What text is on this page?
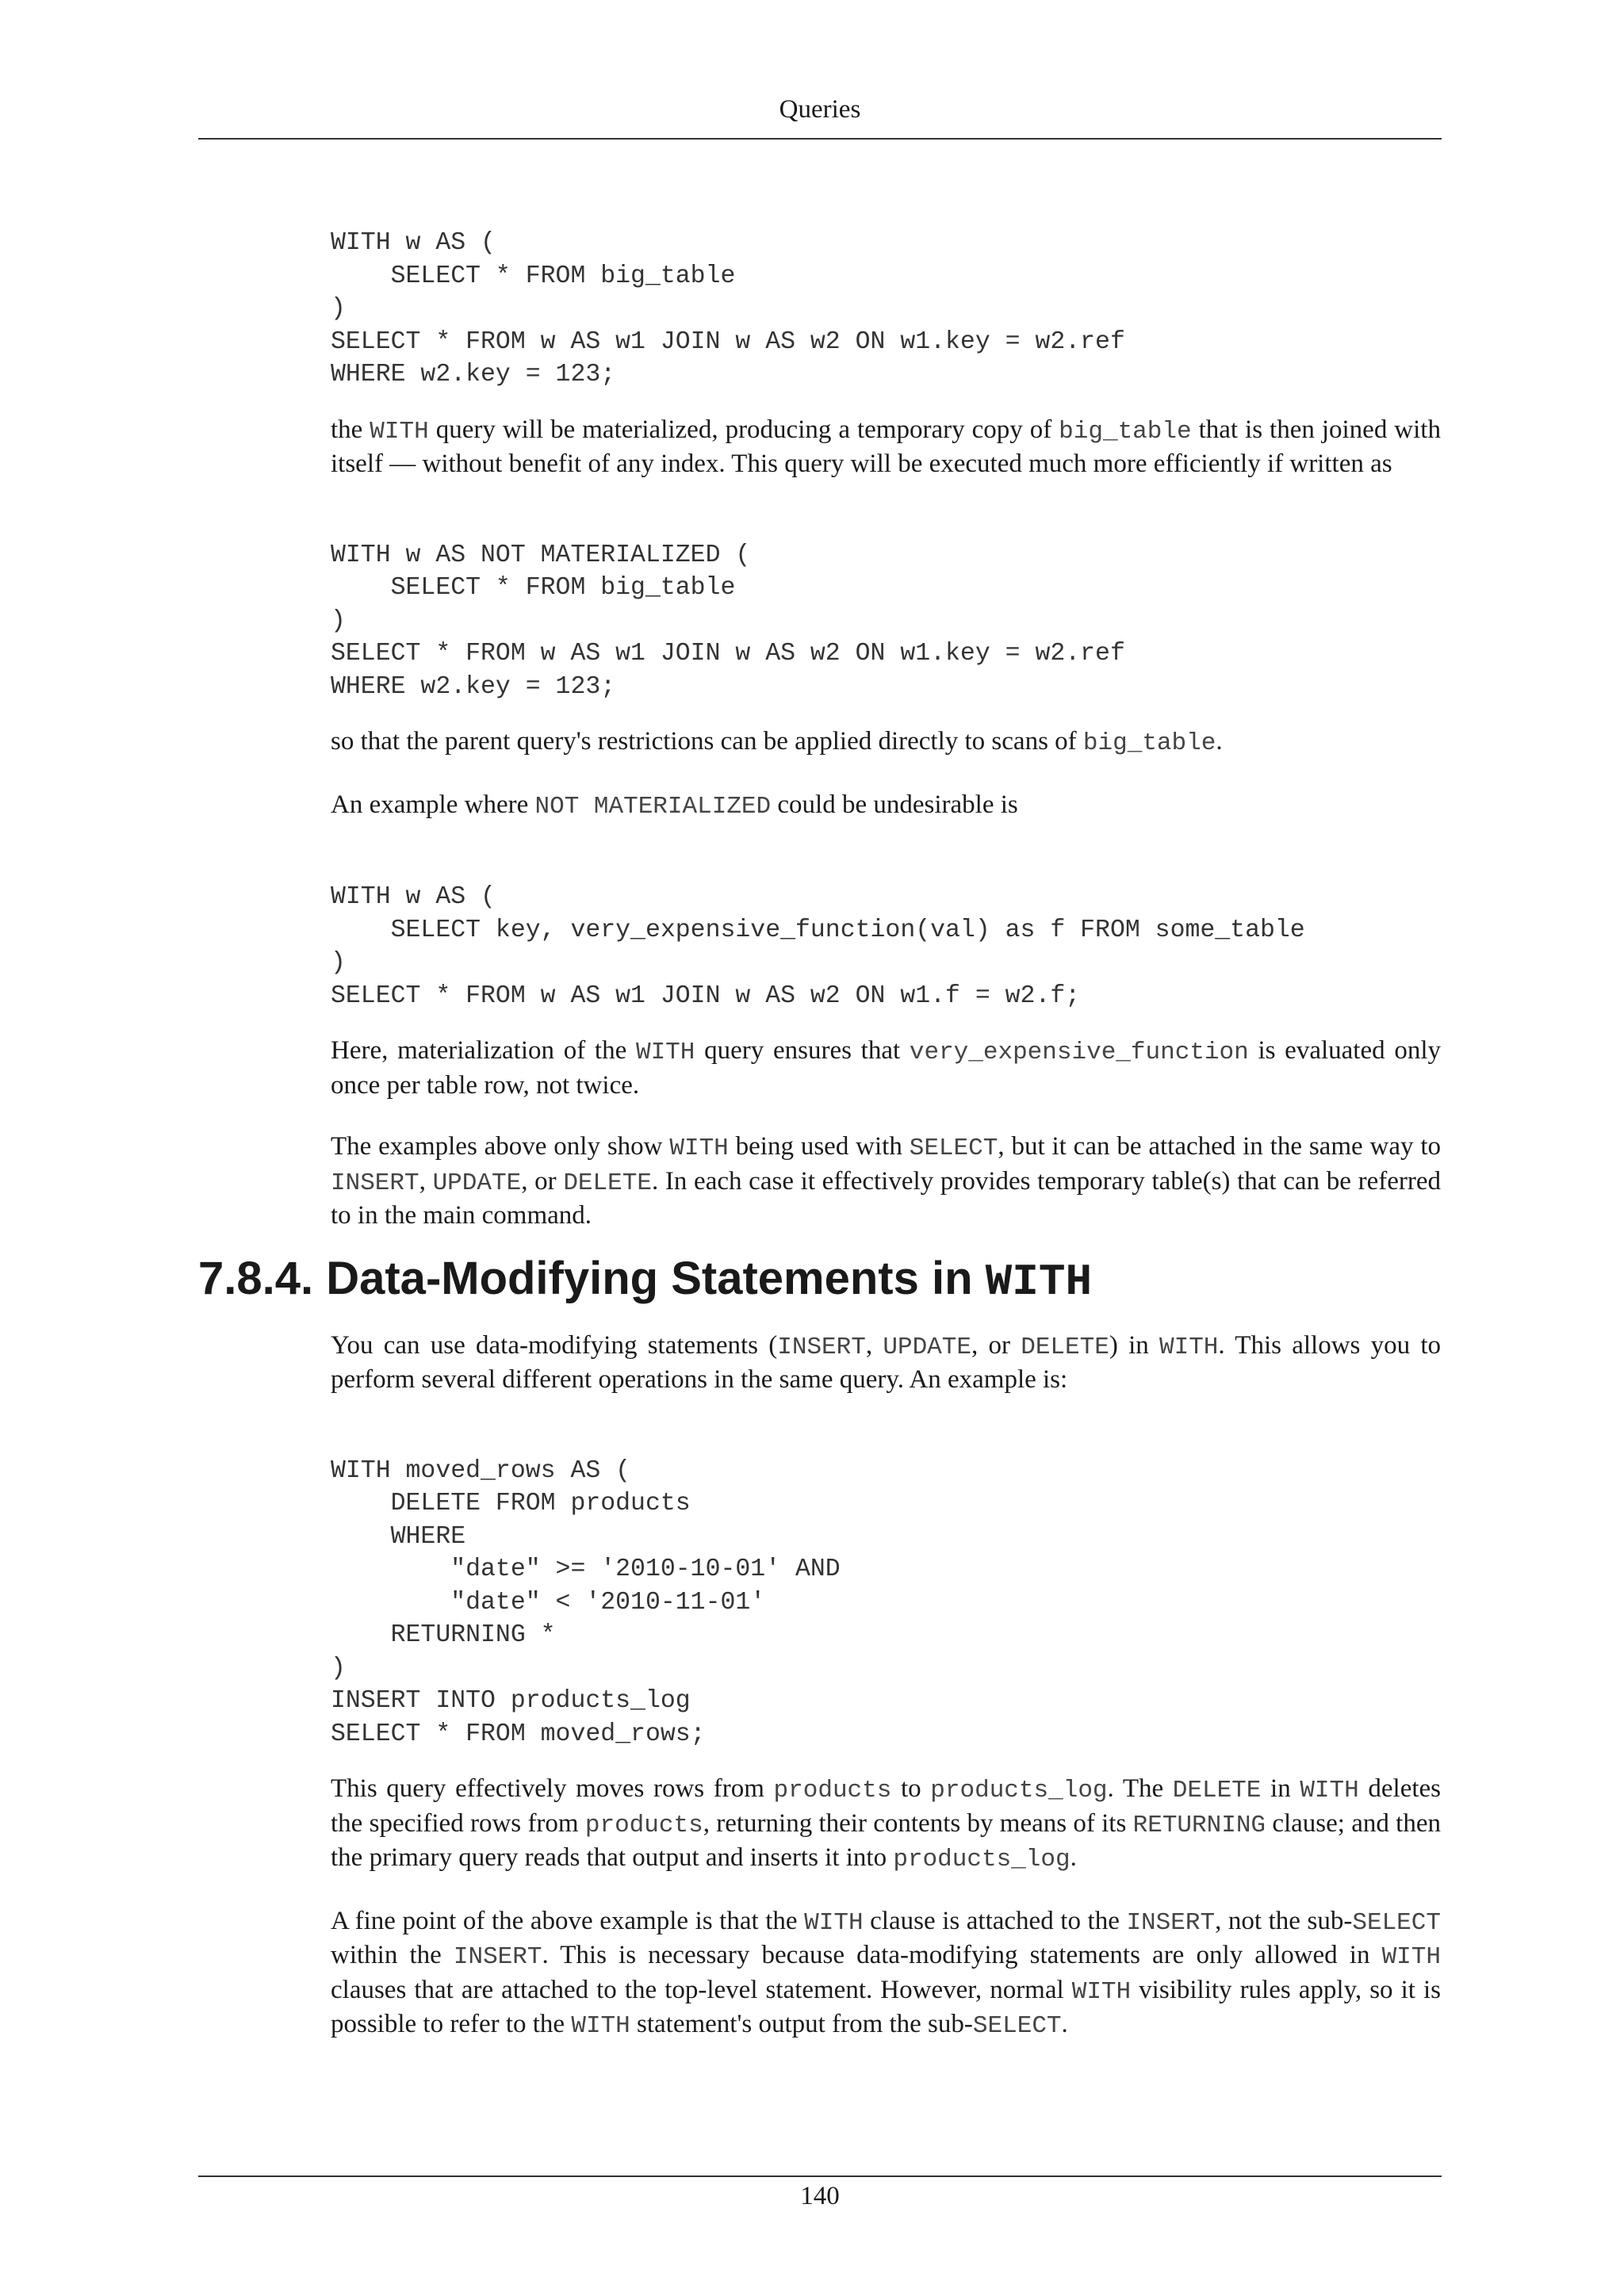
Queries
WITH w AS (
SELECT * FROM big_table
)
SELECT * FROM w AS w1 JOIN w AS w2 ON w1.key = w2.ref
WHERE w2.key = 123;

the WITH query will be materialized, producing a temporary copy of big_table that is then joined with itself — without benefit of any index. This query will be executed much more efficiently if written as

WITH w AS NOT MATERIALIZED (
SELECT * FROM big_table
)
SELECT * FROM w AS w1 JOIN w AS w2 ON w1.key = w2.ref
WHERE w2.key = 123;

so that the parent query's restrictions can be applied directly to scans of big_table.

An example where NOT MATERIALIZED could be undesirable is

WITH w AS (
SELECT key, very_expensive_function(val) as f FROM some_table
)
SELECT * FROM w AS w1 JOIN w AS w2 ON w1.f = w2.f;

Here, materialization of the WITH query ensures that very_expensive_function is evaluated only once per table row, not twice.

The examples above only show WITH being used with SELECT, but it can be attached in the same way to INSERT, UPDATE, or DELETE. In each case it effectively provides temporary table(s) that can be referred to in the main command.

7.8.4. Data-Modifying Statements in WITH

You can use data-modifying statements (INSERT, UPDATE, or DELETE) in WITH. This allows you to perform several different operations in the same query. An example is:

WITH moved_rows AS (
DELETE FROM products
WHERE
"date" >= '2010-10-01' AND
"date" < '2010-11-01'
RETURNING *
)
INSERT INTO products_log
SELECT * FROM moved_rows;

This query effectively moves rows from products to products_log. The DELETE in WITH deletes the specified rows from products, returning their contents by means of its RETURNING clause; and then the primary query reads that output and inserts it into products_log.

A fine point of the above example is that the WITH clause is attached to the INSERT, not the sub-SELECT within the INSERT. This is necessary because data-modifying statements are only allowed in WITH clauses that are attached to the top-level statement. However, normal WITH visibility rules apply, so it is possible to refer to the WITH statement's output from the sub-SELECT.

140
